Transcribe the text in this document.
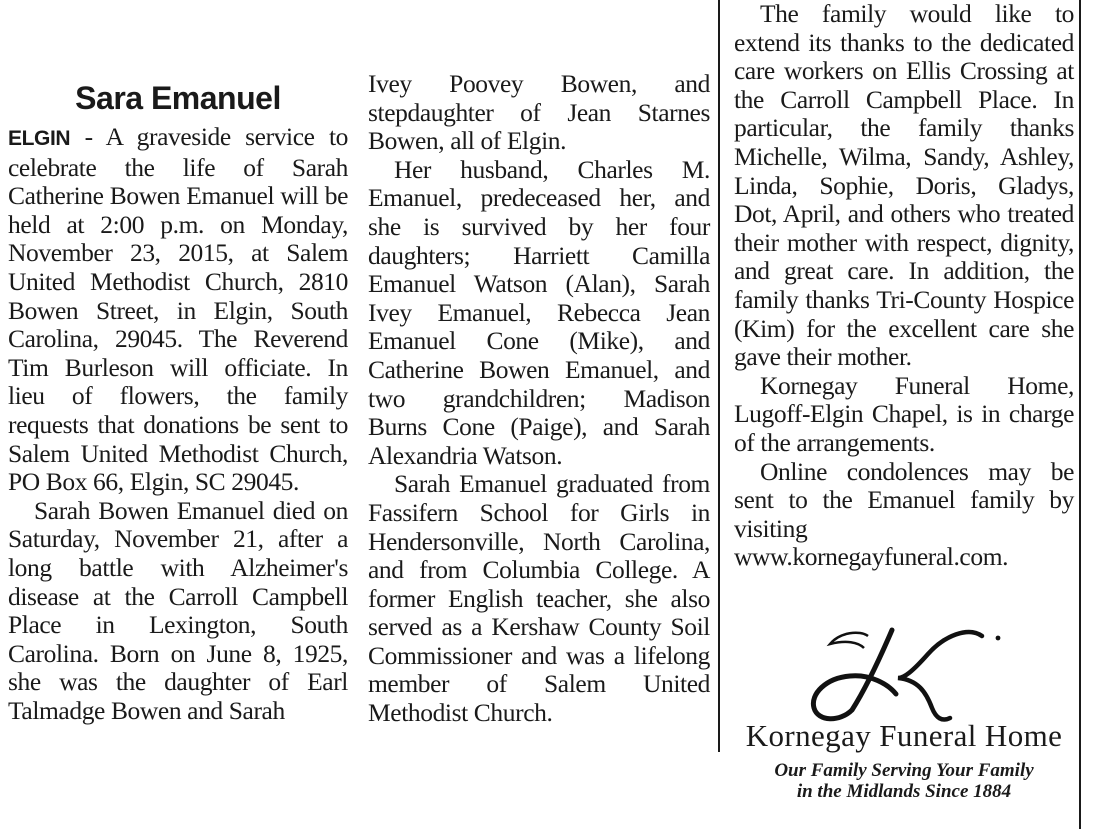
Sara Emanuel

ELGIN - A graveside service to celebrate the life of Sarah Catherine Bowen Emanuel will be held at 2:00 p.m. on Monday, November 23, 2015, at Salem United Methodist Church, 2810 Bowen Street, in Elgin, South Carolina, 29045. The Reverend Tim Burleson will officiate. In lieu of flowers, the family requests that donations be sent to Salem United Methodist Church, PO Box 66, Elgin, SC 29045.

Sarah Bowen Emanuel died on Saturday, November 21, after a long battle with Alzheimer's disease at the Carroll Campbell Place in Lexington, South Carolina. Born on June 8, 1925, she was the daughter of Earl Talmadge Bowen and Sarah

Ivey Poovey Bowen, and stepdaughter of Jean Starnes Bowen, all of Elgin.

Her husband, Charles M. Emanuel, predeceased her, and she is survived by her four daughters; Harriett Camilla Emanuel Watson (Alan), Sarah Ivey Emanuel, Rebecca Jean Emanuel Cone (Mike), and Catherine Bowen Emanuel, and two grandchildren; Madison Burns Cone (Paige), and Sarah Alexandria Watson.

Sarah Emanuel graduated from Fassifern School for Girls in Hendersonville, North Carolina, and from Columbia College. A former English teacher, she also served as a Kershaw County Soil Commissioner and was a lifelong member of Salem United Methodist Church.

The family would like to extend its thanks to the dedicated care workers on Ellis Crossing at the Carroll Campbell Place. In particular, the family thanks Michelle, Wilma, Sandy, Ashley, Linda, Sophie, Doris, Gladys, Dot, April, and others who treated their mother with respect, dignity, and great care. In addition, the family thanks Tri-County Hospice (Kim) for the excellent care she gave their mother.

Kornegay Funeral Home, Lugoff-Elgin Chapel, is in charge of the arrangements.

Online condolences may be sent to the Emanuel family by visiting www.kornegayfuneral.com.

Kornegay Funeral Home
Our Family Serving Your Family
in the Midlands Since 1884
